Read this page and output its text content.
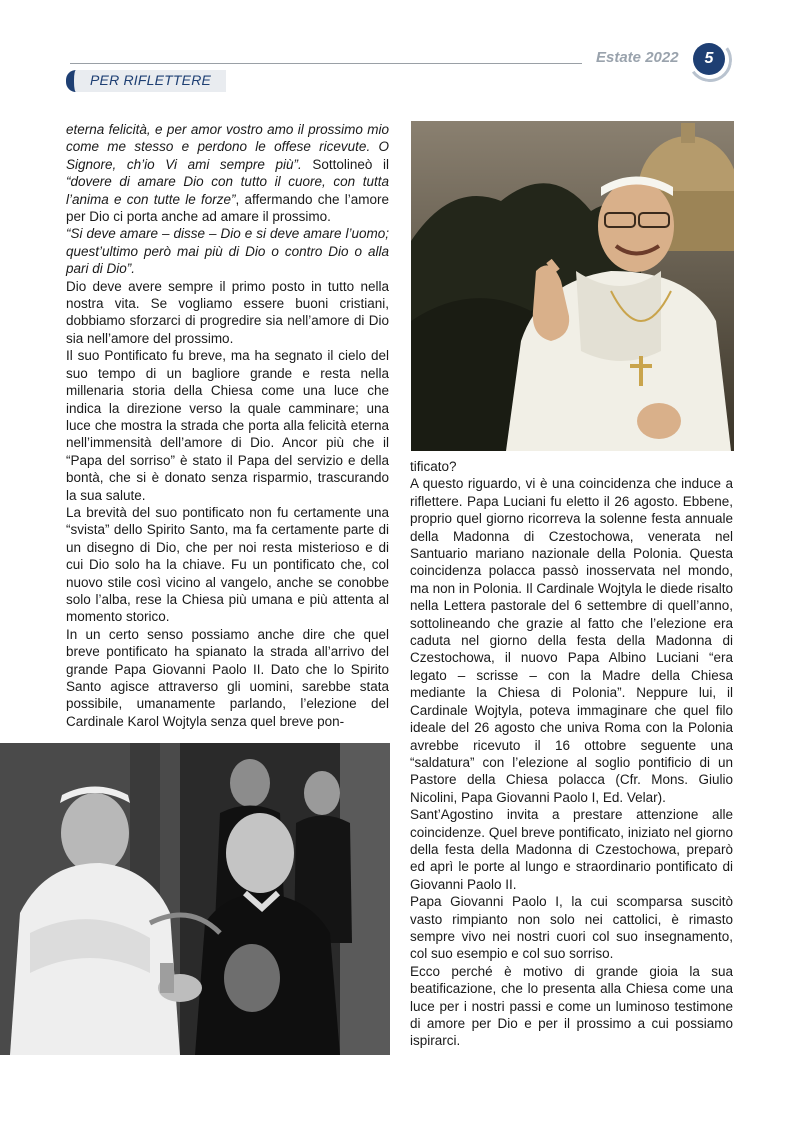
Estate 2022	5
PER RIFLETTERE

eterna felicità, e per amor vostro amo il prossimo mio come me stesso e perdono le offese ricevute. O Signore, ch’io Vi ami sempre più”. Sottolineò il “dovere di amare Dio con tutto il cuore, con tutta l’anima e con tutte le forze”, affermando che l’amore per Dio ci porta anche ad amare il prossimo.

“Si deve amare – disse – Dio e si deve amare l’uomo; quest’ultimo però mai più di Dio o contro Dio o alla pari di Dio”.

Dio deve avere sempre il primo posto in tutto nella nostra vita. Se vogliamo essere buoni cristiani, dobbiamo sforzarci di progredire sia nell’amore di Dio sia nell’amore del prossimo.

Il suo Pontificato fu breve, ma ha segnato il cielo del suo tempo di un bagliore grande e resta nella millenaria storia della Chiesa come una luce che indica la direzione verso la quale camminare; una luce che mostra la strada che porta alla felicità eterna nell’immensità dell’amore di Dio. Ancor più che il “Papa del sorriso” è stato il Papa del servizio e della bontà, che si è donato senza risparmio, trascurando la sua salute.

La brevità del suo pontificato non fu certamente una “svista” dello Spirito Santo, ma fa certamente parte di un disegno di Dio, che per noi resta misterioso e di cui Dio solo ha la chiave. Fu un pontificato che, col nuovo stile così vicino al vangelo, anche se conobbe solo l’alba, rese la Chiesa più umana e più attenta al momento storico.

In un certo senso possiamo anche dire che quel breve pontificato ha spianato la strada all’arrivo del grande Papa Giovanni Paolo II. Dato che lo Spirito Santo agisce attraverso gli uomini, sarebbe stata possibile, umanamente parlando, l’elezione del Cardinale Karol Wojtyla senza quel breve pon-

tificato?

A questo riguardo, vi è una coincidenza che induce a riflettere. Papa Luciani fu eletto il 26 agosto. Ebbene, proprio quel giorno ricorreva la solenne festa annuale della Madonna di Czestochowa, venerata nel Santuario mariano nazionale della Polonia. Questa coincidenza polacca passò inosservata nel mondo, ma non in Polonia. Il Cardinale Wojtyla le diede risalto nella Lettera pastorale del 6 settembre di quell’anno, sottolineando che grazie al fatto che l’elezione era caduta nel giorno della festa della Madonna di Czestochowa, il nuovo Papa Albino Luciani “era legato – scrisse – con la Madre della Chiesa mediante la Chiesa di Polonia”. Neppure lui, il Cardinale Wojtyla, poteva immaginare che quel filo ideale del 26 agosto che univa Roma con la Polonia avrebbe ricevuto il 16 ottobre seguente una “saldatura” con l’elezione al soglio pontificio di un Pastore della Chiesa polacca (Cfr. Mons. Giulio Nicolini, Papa Giovanni Paolo I, Ed. Velar).

Sant’Agostino invita a prestare attenzione alle coincidenze. Quel breve pontificato, iniziato nel giorno della festa della Madonna di Czestochowa, preparò ed aprì le porte al lungo e straordinario pontificato di Giovanni Paolo II.

Papa Giovanni Paolo I, la cui scomparsa suscitò vasto rimpianto non solo nei cattolici, è rimasto sempre vivo nei nostri cuori col suo insegnamento, col suo esempio e col suo sorriso.

Ecco perché è motivo di grande gioia la sua beatificazione, che lo presenta alla Chiesa come una luce per i nostri passi e come un luminoso testimone di amore per Dio e per il prossimo a cui possiamo ispirarci.
